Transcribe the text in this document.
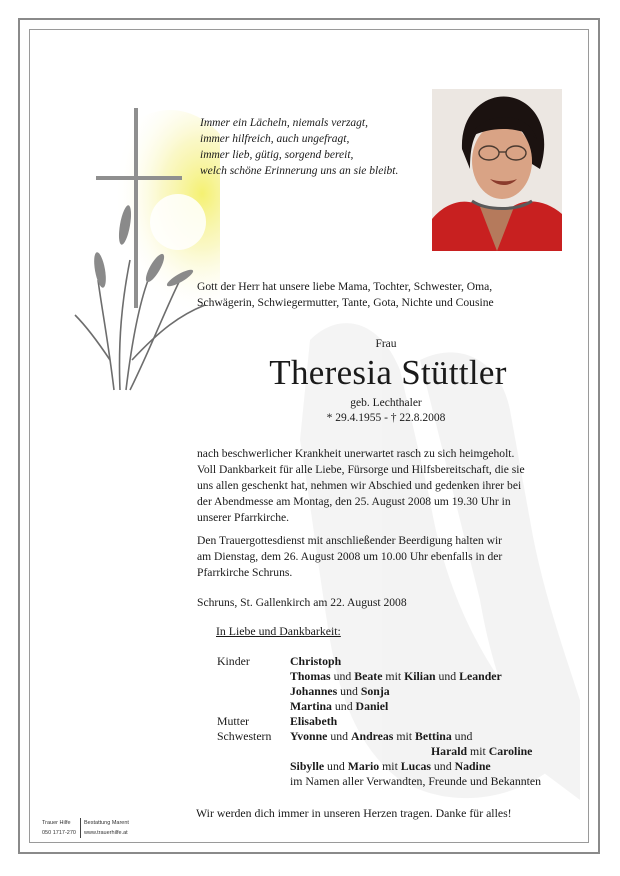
Immer ein Lächeln, niemals verzagt,
immer hilfreich, auch ungefragt,
immer lieb, gütig, sorgend bereit,
welch schöne Erinnerung uns an sie bleibt.
Gott der Herr hat unsere liebe Mama, Tochter, Schwester, Oma,
Schwägerin, Schwiegermutter, Tante, Gota, Nichte und Cousine
Frau
Theresia Stüttler
geb. Lechthaler
* 29.4.1955 - † 22.8.2008
nach beschwerlicher Krankheit unerwartet rasch zu sich heimgeholt.
Voll Dankbarkeit für alle Liebe, Fürsorge und Hilfsbereitschaft, die sie
uns allen geschenkt hat, nehmen wir Abschied und gedenken ihrer bei
der Abendmesse am Montag, den 25. August 2008 um 19.30 Uhr in
unserer Pfarrkirche.
Den Trauergottesdienst mit anschließender Beerdigung halten wir
am Dienstag, dem 26. August 2008 um 10.00 Uhr ebenfalls in der
Pfarrkirche Schruns.
Schruns, St. Gallenkirch am 22. August 2008
In Liebe und Dankbarkeit:
Kinder	Christoph
Thomas und Beate mit Kilian und Leander
Johannes und Sonja
Martina und Daniel
Mutter	Elisabeth
Schwestern Yvonne und Andreas mit Bettina und
Harald mit Caroline
Sibylle und Mario mit Lucas und Nadine
im Namen aller Verwandten, Freunde und Bekannten
Wir werden dich immer in unseren Herzen tragen. Danke für alles!
Trauer Hilfe Bestattung Marent
050 1717-270 www.trauerhilfe.at
